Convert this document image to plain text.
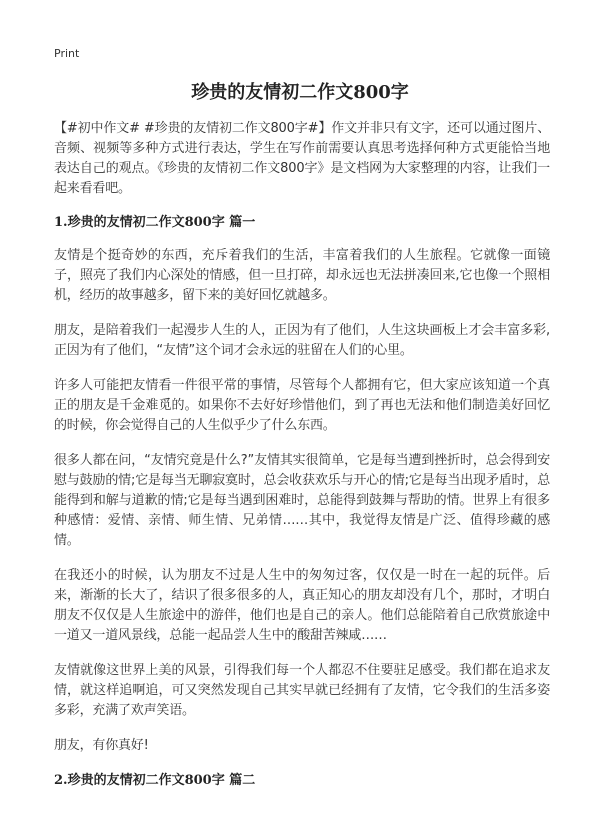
Print
珍贵的友情初二作文800字

【#初中作文# #珍贵的友情初二作文800字#】作文并非只有文字，还可以通过图片、音频、视频等多种方式进行表达，学生在写作前需要认真思考选择何种方式更能恰当地表达自己的观点。《珍贵的友情初二作文800字》是文档网为大家整理的内容，让我们一起来看看吧。

1.珍贵的友情初二作文800字 篇一

友情是个挺奇妙的东西，充斥着我们的生活，丰富着我们的人生旅程。它就像一面镜子，照亮了我们内心深处的情感，但一旦打碎，却永远也无法拼凑回来,它也像一个照相机，经历的故事越多，留下来的美好回忆就越多。

朋友，是陪着我们一起漫步人生的人，正因为有了他们，人生这块画板上才会丰富多彩,正因为有了他们，“友情”这个词才会永远的驻留在人们的心里。

许多人可能把友情看一件很平常的事情，尽管每个人都拥有它，但大家应该知道一个真正的朋友是千金难觅的。如果你不去好好珍惜他们，到了再也无法和他们制造美好回忆的时候，你会觉得自己的人生似乎少了什么东西。

很多人都在问，“友情究竟是什么?”友情其实很简单，它是每当遭到挫折时，总会得到安慰与鼓励的情;它是每当无聊寂寞时，总会收获欢乐与开心的情;它是每当出现矛盾时，总能得到和解与道歉的情;它是每当遇到困难时，总能得到鼓舞与帮助的情。世界上有很多种感情：爱情、亲情、师生情、兄弟情……其中，我觉得友情是广泛、值得珍藏的感情。

在我还小的时候，认为朋友不过是人生中的匆匆过客，仅仅是一时在一起的玩伴。后来，渐渐的长大了，结识了很多很多的人，真正知心的朋友却没有几个，那时，才明白朋友不仅仅是人生旅途中的游伴，他们也是自己的亲人。他们总能陪着自己欣赏旅途中一道又一道风景线，总能一起品尝人生中的酸甜苦辣咸……

友情就像这世界上美的风景，引得我们每一个人都忍不住要驻足感受。我们都在追求友情，就这样追啊追，可又突然发现自己其实早就已经拥有了友情，它令我们的生活多姿多彩，充满了欢声笑语。

朋友，有你真好!

2.珍贵的友情初二作文800字 篇二
